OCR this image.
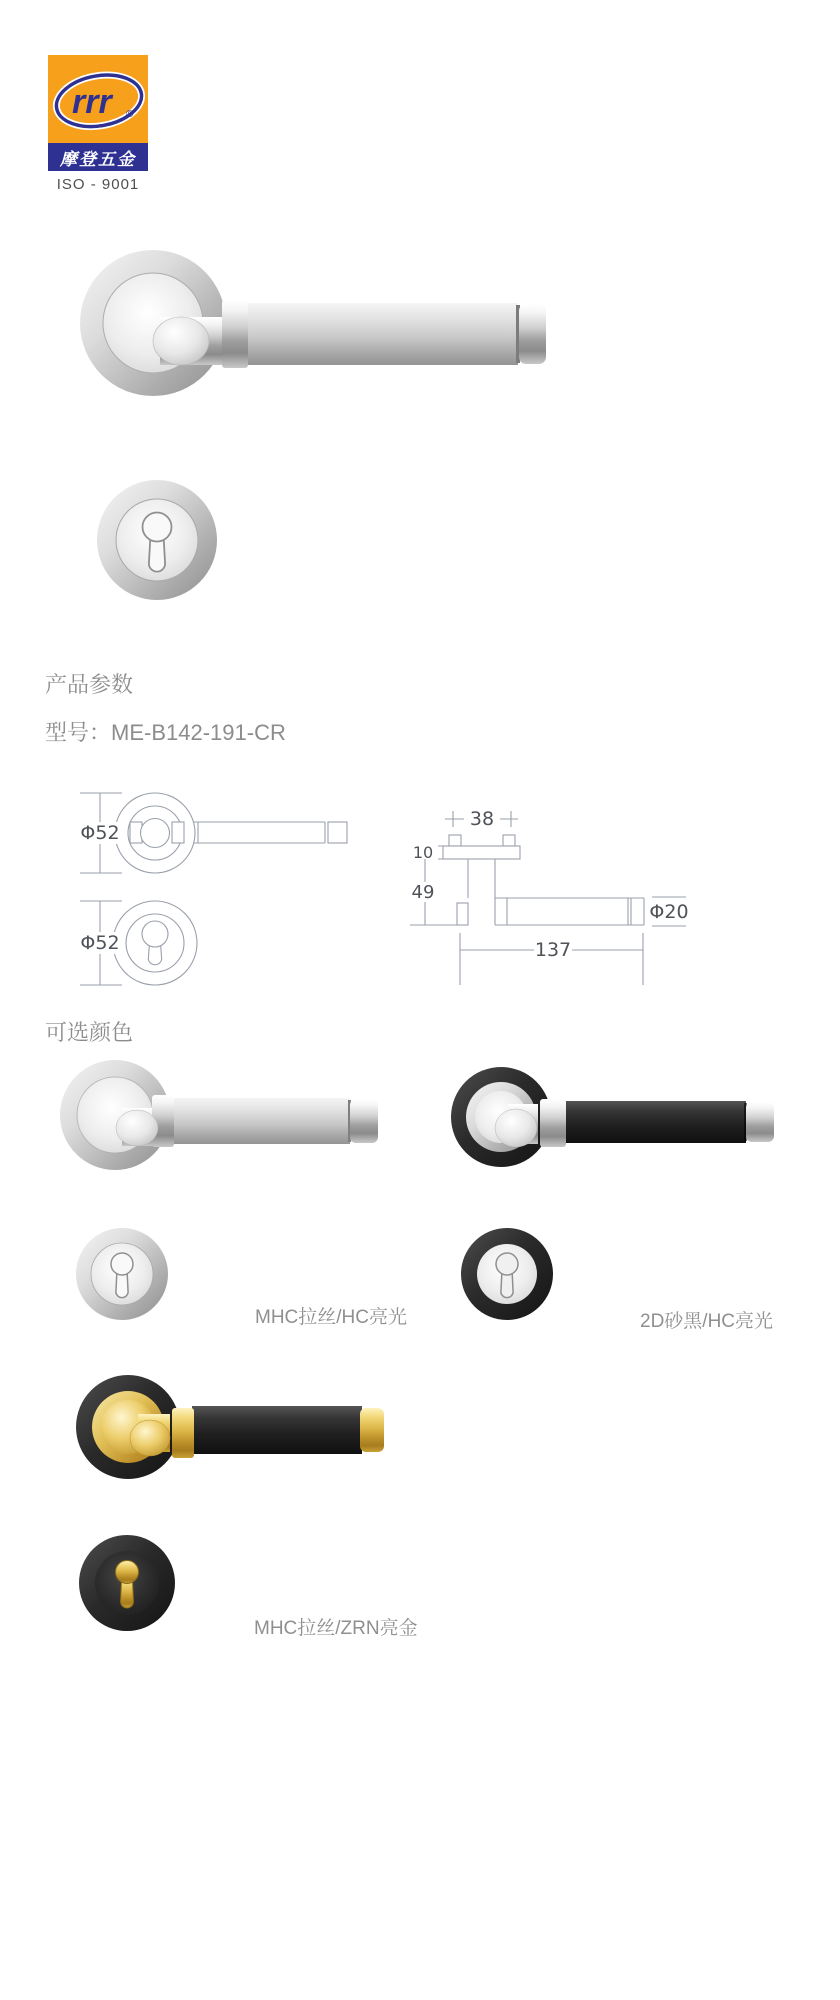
rrr ®
摩登五金
ISO - 9001
产品参数
型号：ME-B142-191-CR
可选颜色
MHC拉丝/HC亮光	2D砂黑/HC亮光
MHC拉丝/ZRN亮金
Φ52
Φ52
38
10
49
137
Φ20
